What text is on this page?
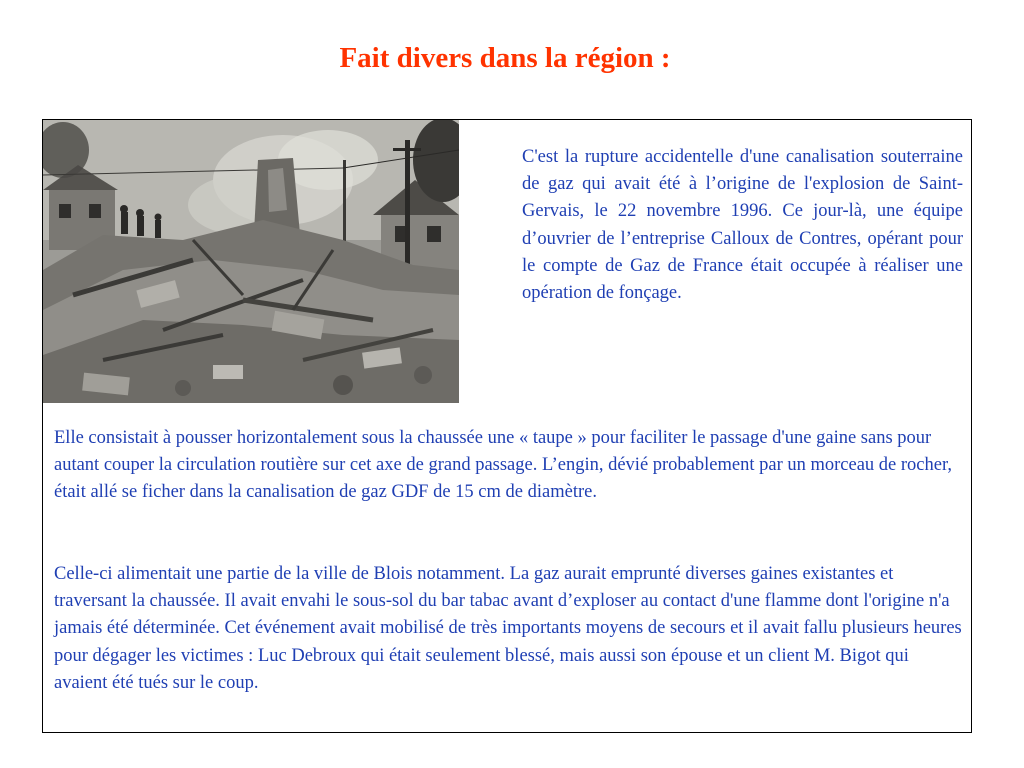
Fait divers dans la région :

C'est la rupture accidentelle d'une canalisation souterraine de gaz qui avait été à l’origine de l'explosion de Saint-Gervais, le 22 novembre 1996. Ce jour-là, une équipe d’ouvrier de l’entreprise Calloux de Contres, opérant pour le compte de Gaz de France était occupée à réaliser une opération de fonçage.

Elle consistait à pousser horizontalement sous la chaussée une « taupe » pour faciliter le passage d'une gaine sans pour autant couper la circulation routière sur cet axe de grand passage. L’engin, dévié probablement par un morceau de rocher, était allé se ficher dans la canalisation de gaz GDF de 15 cm de diamètre.

Celle-ci alimentait une partie de la ville de Blois notamment. La gaz aurait emprunté diverses gaines existantes et traversant la chaussée. Il avait envahi le sous-sol du bar tabac avant d’exploser au contact d'une flamme dont l'origine n'a jamais été déterminée. Cet événement avait mobilisé de très importants moyens de secours et il avait fallu plusieurs heures pour dégager les victimes : Luc Debroux qui était seulement blessé, mais aussi son épouse et un client M. Bigot qui avaient été tués sur le coup.
